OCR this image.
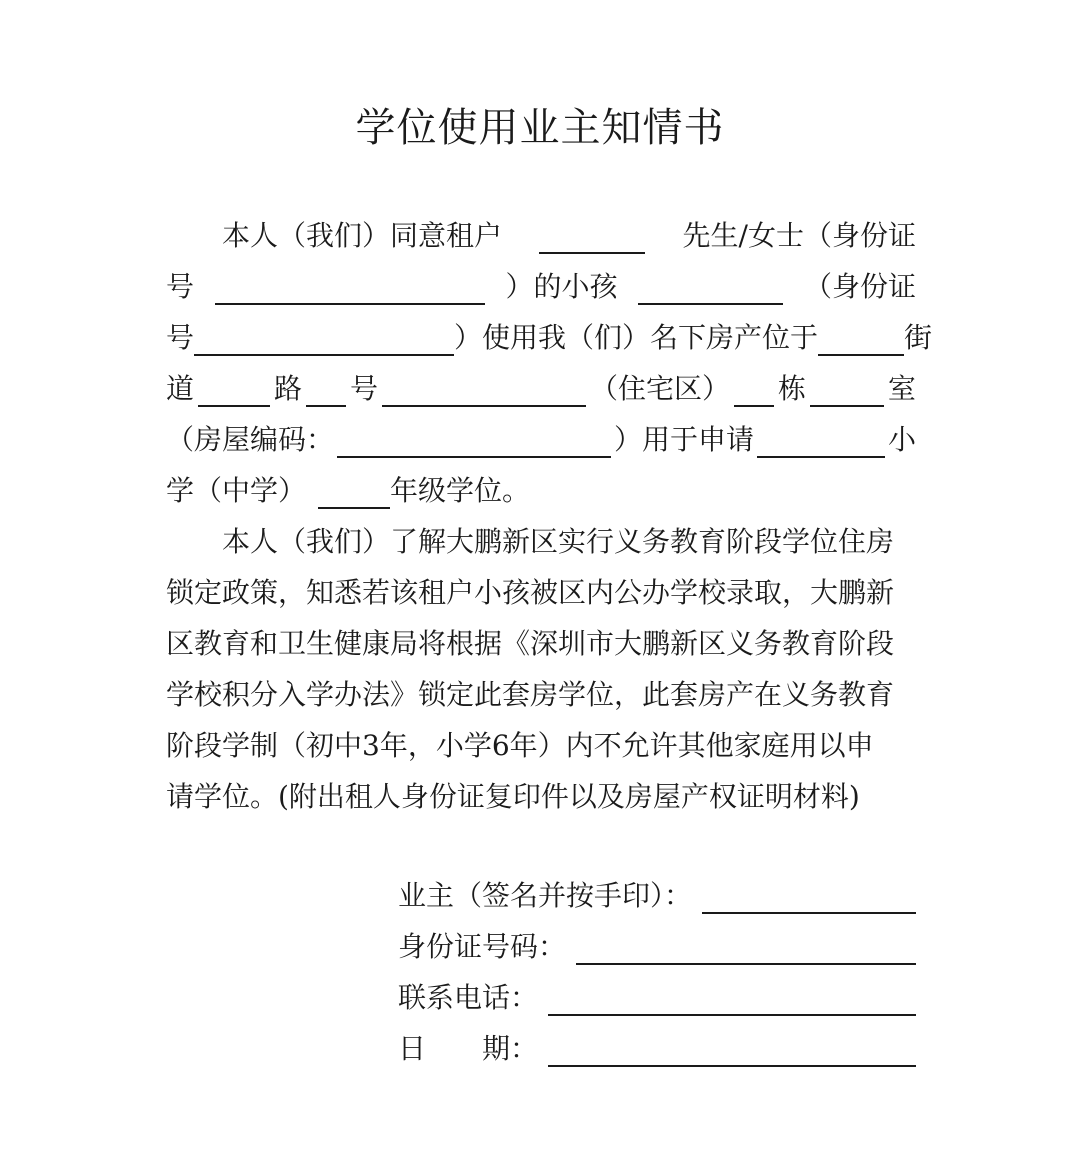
学位使用业主知情书
本人（我们）同意租户	先生/女士（身份证
号	）的小孩	（身份证
号	）使用我（们）名下房产位于	街
道	路 号	（住宅区） 栋	室
（房屋编码：	）用于申请	小
学（中学）	年级学位。
本人（我们）了解大鹏新区实行义务教育阶段学位住房
锁定政策，知悉若该租户小孩被区内公办学校录取，大鹏新
区教育和卫生健康局将根据《深圳市大鹏新区义务教育阶段
学校积分入学办法》锁定此套房学位，此套房产在义务教育
阶段学制（初中3年，小学6年）内不允许其他家庭用以申
请学位。(附出租人身份证复印件以及房屋产权证明材料)
业主（签名并按手印）：
身份证号码：
联系电话：
日 期：
